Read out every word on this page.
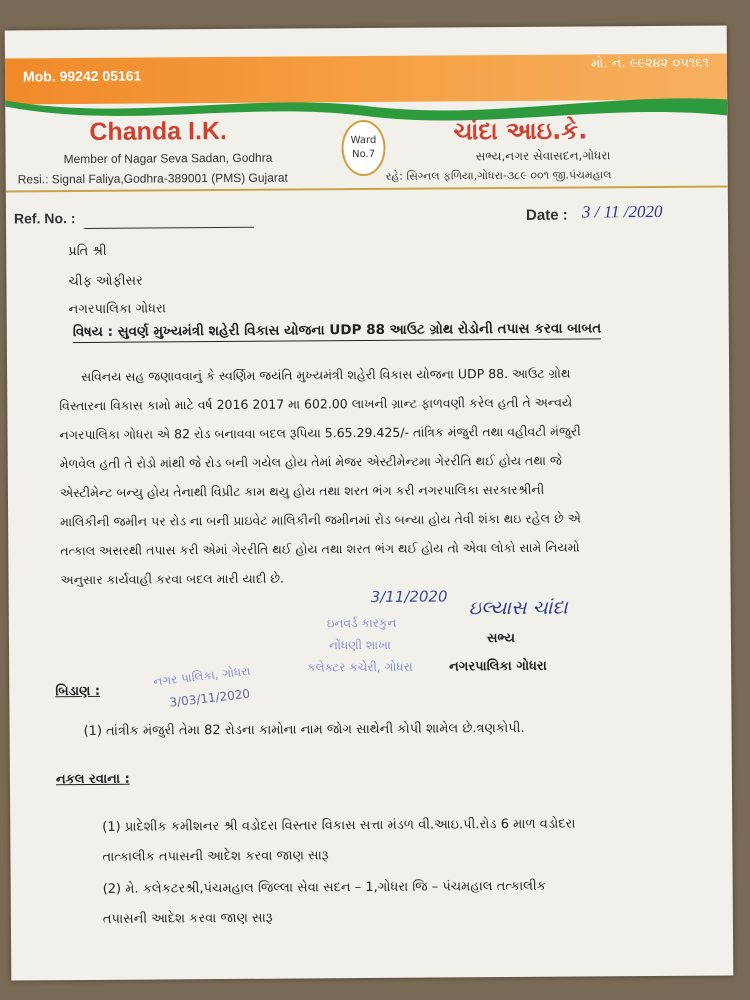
Mob. 99242 05161
મો. નં. ૯૯૨૪૨ ૦૫૧૬૧
Chanda I.K.
Member of Nagar Seva Sadan, Godhra
Resi.: Signal Faliya,Godhra-389001 (PMS) Gujarat
Ward
No.7
ચાંદા આઇ.કે.
સભ્ય,નગર સેવાસદન,ગોધરા
રહે: સિગ્નલ ફળિયા,ગોધરા-૩૮૯ ૦૦૧ જી.પંચમહાલ
Ref. No. :	Date : 3 / 11 /2020
પ્રતિ શ્રી
ચીફ ઓફીસર
નગરપાલિકા ગોધરા
વિષય : સુવર્ણ મુખ્યમંત્રી શહેરી વિકાસ યોજના UDP 88 આઉટ ગ્રોથ રોડોની તપાસ કરવા બાબત
સવિનય સહ જણાવવાનું કે સ્વર્ણિમ જયંતિ મુખ્યમંત્રી શહેરી વિકાસ યોજના UDP 88. આઉટ ગ્રોથ
વિસ્તારના વિકાસ કામો માટે વર્ષ 2016 2017 મા 602.00 લાખની ગ્રાન્ટ ફાળવણી કરેલ હતી તે અન્વયે
નગરપાલિકા ગોધરા એ 82 રોડ બનાવવા બદલ રૂપિયા 5.65.29.425/- તાંત્રિક મંજુરી તથા વહીવટી મંજુરી
મેળવેલ હતી તે રોડો માંથી જે રોડ બની ગયેલ હોય તેમાં મેજર એસ્ટીમેન્ટમા ગેરરીતિ થઈ હોય તથા જે
એસ્ટીમેન્ટ બન્યુ હોય તેનાથી વિપ્રીટ કામ થયુ હોય તથા શરત ભંગ કરી નગરપાલિકા સરકારશ્રીની
માલિકીની જમીન પર રોડ ના બની પ્રાઇવેટ માલિકીની જમીનમાં રોડ બન્યા હોય તેવી શંકા થઇ રહેલ છે એ
તત્કાલ અસરથી તપાસ કરી એમાં ગેરરીતિ થઈ હોય તથા શરત ભંગ થઈ હોય તો એવા લોકો સામે નિયમો
અનુસાર કાર્યવાહી કરવા બદલ મારી યાદી છે.
3/11/2020
ઇનવર્ડ કારકુન
નોંધણી શાખા
કલેક્ટર કચેરી, ગોધરા
નગર પાલિકા, ગોધરા
3/03/11/2020
ઇલ્યાસ ચાંદા
સભ્ય
નગરપાલિકા ગોધરા
બિડાણ :
(1) તાંત્રીક મંજુરી તેમા 82 રોડના કામોના નામ જોગ સાથેની કોપી શામેલ છે.ત્રણકોપી.
નકલ રવાના :
(1) પ્રાદેશીક કમીશનર શ્રી વડોદરા વિસ્તાર વિકાસ સત્તા મંડળ વી.આઇ.પી.રોડ 6 માળ વડોદરા
તાત્કાલીક તપાસની આદેશ કરવા જાણ સારૂ
(2) મે. કલેકટરશ્રી,પંચમહાલ જિલ્લા સેવા સદન – 1,ગોધરા જિ – પંચમહાલ તત્કાલીક
તપાસની આદેશ કરવા જાણ સારૂ
